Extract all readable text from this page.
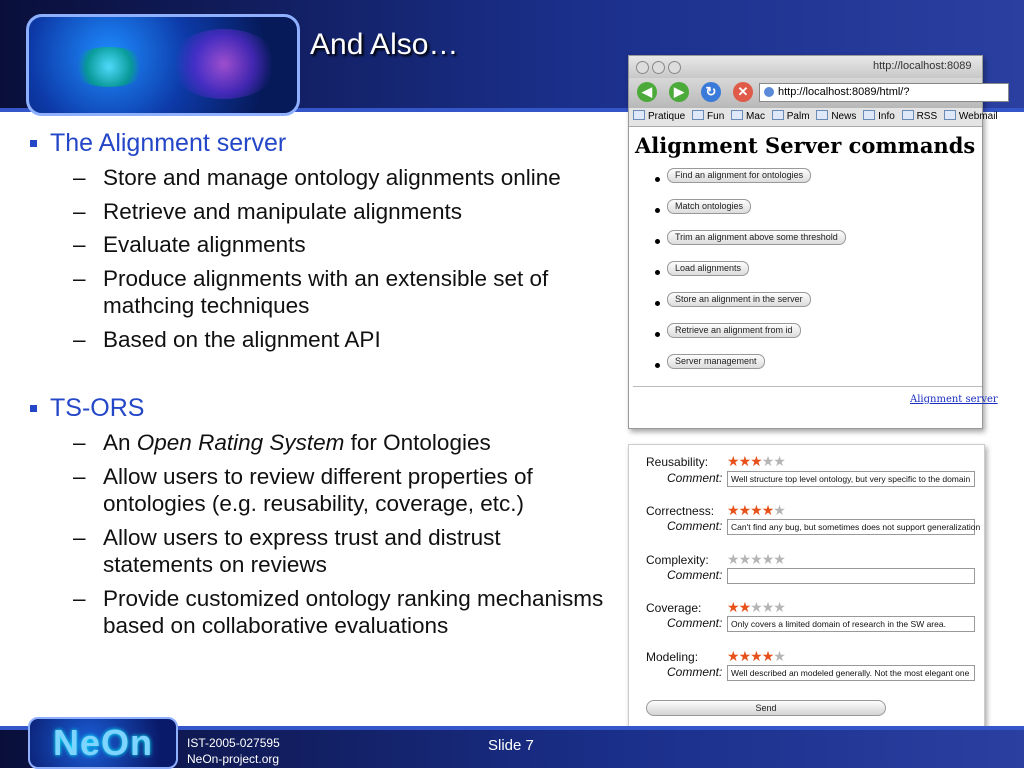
And Also…
The Alignment server
– Store and manage ontology alignments online
– Retrieve and manipulate alignments
– Evaluate alignments
– Produce alignments with an extensible set of mathcing techniques
– Based on the alignment API
TS-ORS
– An Open Rating System for Ontologies
– Allow users to review different properties of ontologies (e.g. reusability, coverage, etc.)
– Allow users to express trust and distrust statements on reviews
– Provide customized ontology ranking mechanisms based on collaborative evaluations
http://localhost:8089
◀	▶	↻	✕	http://localhost:8089/html/?
Pratique Fun Mac Palm News Info RSS Webmail
Alignment Server commands
Find an alignment for ontologies
Match ontologies
Trim an alignment above some threshold
Load alignments
Store an alignment in the server
Retrieve an alignment from id
Server management
Alignment server
Reusability: ★★★★★
Comment:	Well structure top level ontology, but very specific to the domain
Correctness: ★★★★★
Comment:	Can't find any bug, but sometimes does not support generalization
Complexity: ★★★★★
Comment:
Coverage: ★★★★★
Comment:	Only covers a limited domain of research in the SW area.
Modeling: ★★★★★
Comment:	Well described an modeled generally. Not the most elegant one
Send
NeOn	IST-2005-027595
NeOn-project.org
Slide 7
